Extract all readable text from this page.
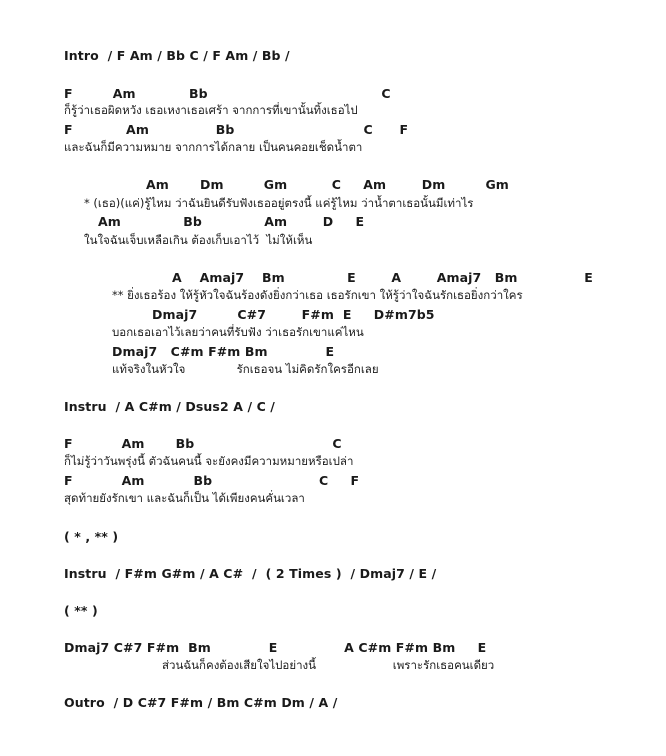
Intro  / F Am / Bb C / F Am / Bb /
F         Am            Bb                                       C
ก็รู้ว่าเธอผิดหวัง เธอเหงาเธอเศร้า จากการที่เขานั้นทิ้งเธอไป
F            Am               Bb                             C      F
และฉันก็มีความหมาย จากการได้กลาย เป็นคนคอยเช็ดน้ำตา
Am       Dm         Gm          C     Am        Dm         Gm
* (เธอ)(แค่)รู้ไหม ว่าฉันยินดีรับฟังเธออยู่ตรงนี้ แค่รู้ไหม ว่าน้ำตาเธอนั้นมีเท่าไร
Am              Bb              Am        D     E
ในใจฉันเจ็บเหลือเกิน ต้องเก็บเอาไว้  ไม่ให้เห็น
A    Amaj7    Bm              E        A        Amaj7   Bm               E
** ยิ่งเธอร้อง ให้รู้หัวใจฉันร้องดังยิ่งกว่าเธอ เธอรักเขา ให้รู้ว่าใจฉันรักเธอยิ่งกว่าใคร
Dmaj7         C#7        F#m  E     D#m7b5
บอกเธอเอาไว้เลยว่าคนที่รับฟัง ว่าเธอรักเขาแค่ไหน
Dmaj7   C#m F#m Bm             E
แท้จริงในหัวใจ              รักเธอจน ไม่คิดรักใครอีกเลย
Instru  / A C#m / Dsus2 A / C /
F           Am       Bb                               C
ก็ไม่รู้ว่าวันพรุ่งนี้ ตัวฉันคนนี้ จะยังคงมีความหมายหรือเปล่า
F           Am           Bb                        C     F
สุดท้ายยังรักเขา และฉันก็เป็น ได้เพียงคนคั่นเวลา
( * , ** )
Instru  / F#m G#m / A C#  /  ( 2 Times )  / Dmaj7 / E /
( ** )
Dmaj7 C#7 F#m  Bm             E               A C#m F#m Bm     E
ส่วนฉันก็คงต้องเสียใจไปอย่างนี้                     เพราะรักเธอคนเดียว
Outro  / D C#7 F#m / Bm C#m Dm / A /
